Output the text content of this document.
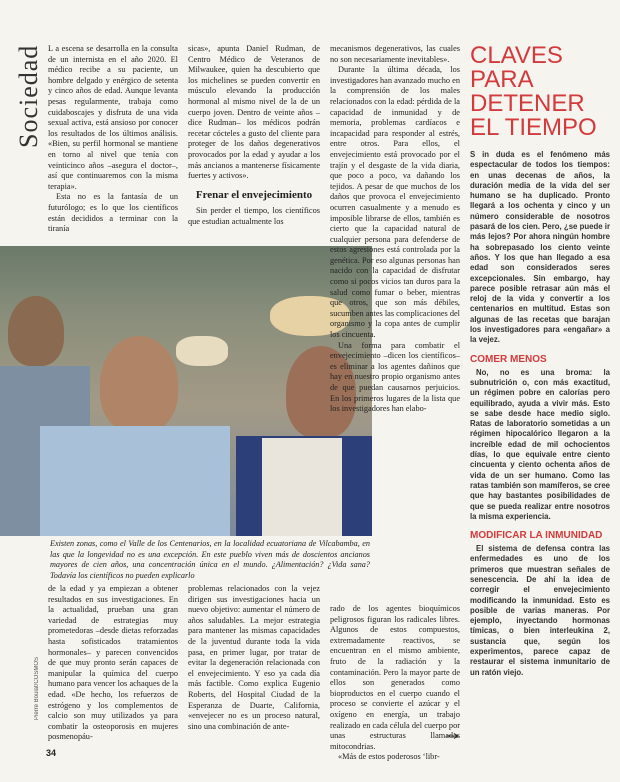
Sociedad L a escena se desarrolla en la consulta de un internista en el año 2020. El médico recibe a su paciente, un hombre delgado y enérgico de setenta y cinco años de edad. Aunque levanta pesas regularmente, trabaja como cuidaboscajes y disfruta de una vida sexual activa, está ansioso por conocer los resultados de los últimos análisis. «Bien, su perfil hormonal se mantiene en torno al nivel que tenía con veinticinco años –asegura el doctor–, así que continuaremos con la misma terapia».

Esta no es la fantasía de un futurólogo; es lo que los científicos están decididos a terminar con la tiranía

sicas», apunta Daniel Rudman, de Centro Médico de Veteranos de Milwaukee, quien ha descubierto que los michelines se pueden convertir en músculo elevando la producción hormonal al mismo nivel de la de un cuerpo joven. Dentro de veinte años –dice Rudman– los médicos podrán recetar cócteles a gusto del cliente para proteger de los daños degenerativos provocados por la edad y ayudar a los más ancianos a mantenerse físicamente fuertes y activos».

Frenar el envejecimiento

Sin perder el tiempo, los científicos que estudian actualmente los

mecanismos degenerativos, las cuales no son necesariamente inevitables».

Durante la última década, los investigadores han avanzado mucho en la comprensión de los males relacionados con la edad: pérdida de la capacidad de inmunidad y de memoria, problemas cardíacos e incapacidad para responder al estrés, entre otros. Para ellos, el envejecimiento está provocado por el trajín y el desgaste de la vida diaria, que poco a poco, va dañando los tejidos. A pesar de que muchos de los daños que provoca el envejecimiento ocurren casualmente y a menudo es imposible librarse de ellos, también es cierto que la capacidad natural de cualquier persona para defenderse de estos agresiones está controlada por la genética. Por eso algunas personas han nacido con la capacidad de disfrutar como si pocos vicios tan duros para la salud como fumar o beber, mientras que otros, que son más débiles, sucumben antes las complicaciones del organismo y la copa antes de cumplir los cincuenta.

Una forma para combatir el envejecimiento –dicen los científicos– es eliminar a los agentes dañinos que hay en nuestro propio organismo antes de que puedan causarnos perjuicios. En los primeros lugares de la lista que los investigadores han elabo-

Pierre Boulat/COSMOS
Existen zonas, como el Valle de los Centenarios, en la localidad ecuatoriana de Vilcabamba, en las que la longevidad no es una excepción. En este pueblo viven más de doscientos ancianos mayores de cien años, una concentración única en el mundo. ¿Alimentación? ¿Vida sana? Todavía los científicos no pueden explicarlo

de la edad y ya empiezan a obtener resultados en sus investigaciones. En la actualidad, prueban una gran variedad de estrategias muy prometedoras –desde dietas reforzadas hasta sofisticados tratamientos hormonales– y parecen convencidos de que muy pronto serán capaces de manipular la química del cuerpo humano para vencer los achaques de la edad. «De hecho, los refuerzos de estrógeno y los complementos de calcio son muy utilizados ya para combatir la osteoporosis en mujeres posmenopáu-

problemas relacionados con la vejez dirigen sus investigaciones hacia un nuevo objetivo: aumentar el número de años saludables. La mejor estrategia para mantener las mismas capacidades de la juventud durante toda la vida pasa, en primer lugar, por tratar de evitar la degeneración relacionada con el envejecimiento. Y eso ya cada día más factible. Como explica Eugenio Roberts, del Hospital Ciudad de la Esperanza de Duarte, California, «envejecer no es un proceso natural, sino una combinación de ante-

rado de los agentes bioquímicos peligrosos figuran los radicales libres. Algunos de estos compuestos, extremadamente reactivos, se encuentran en el mismo ambiente, fruto de la radiación y la contaminación. Pero la mayor parte de ellos son generados como bioproductos en el cuerpo cuando el proceso se convierte el azúcar y el oxígeno en energía, un trabajo realizado en cada célula del cuerpo por unas estructuras llamadas mitocondrias.

«Más de estos poderosos ‘libr-

CLAVES PARA DETENER EL TIEMPO

S in duda es el fenómeno más espectacular de todos los tiempos: en unas decenas de años, la duración media de la vida del ser humano se ha duplicado. Pronto llegará a los ochenta y cinco y un número considerable de nosotros pasará de los cien. Pero, ¿se puede ir más lejos? Por ahora ningún hombre ha sobrepasado los ciento veinte años. Y los que han llegado a esa edad son considerados seres excepcionales. Sin embargo, hay parece posible retrasar aún más el reloj de la vida y convertir a los centenarios en multitud. Estas son algunas de las recetas que barajan los investigadores para «engañar» a la vejez.

COMER MENOS

No, no es una broma: la subnutrición o, con más exactitud, un régimen pobre en calorías pero equilibrado, ayuda a vivir más. Esto se sabe desde hace medio siglo. Ratas de laboratorio sometidas a un régimen hipocalórico llegaron a la increíble edad de mil ochocientos días, lo que equivale entre ciento cincuenta y ciento ochenta años de vida de un ser humano. Como las ratas también son mamíferos, se cree que hay bastantes posibilidades de que se pueda realizar entre nosotros la misma experiencia.

MODIFICAR LA INMUNIDAD

El sistema de defensa contra las enfermedades es uno de los primeros que muestran señales de senescencia. De ahí la idea de corregir el envejecimiento modificando la inmunidad. Esto es posible de varias maneras. Por ejemplo, inyectando hormonas tímicas, o bien interleukina 2, sustancia que, según los experimentos, parece capaz de restaurar el sistema inmunitario de un ratón viejo.

34
